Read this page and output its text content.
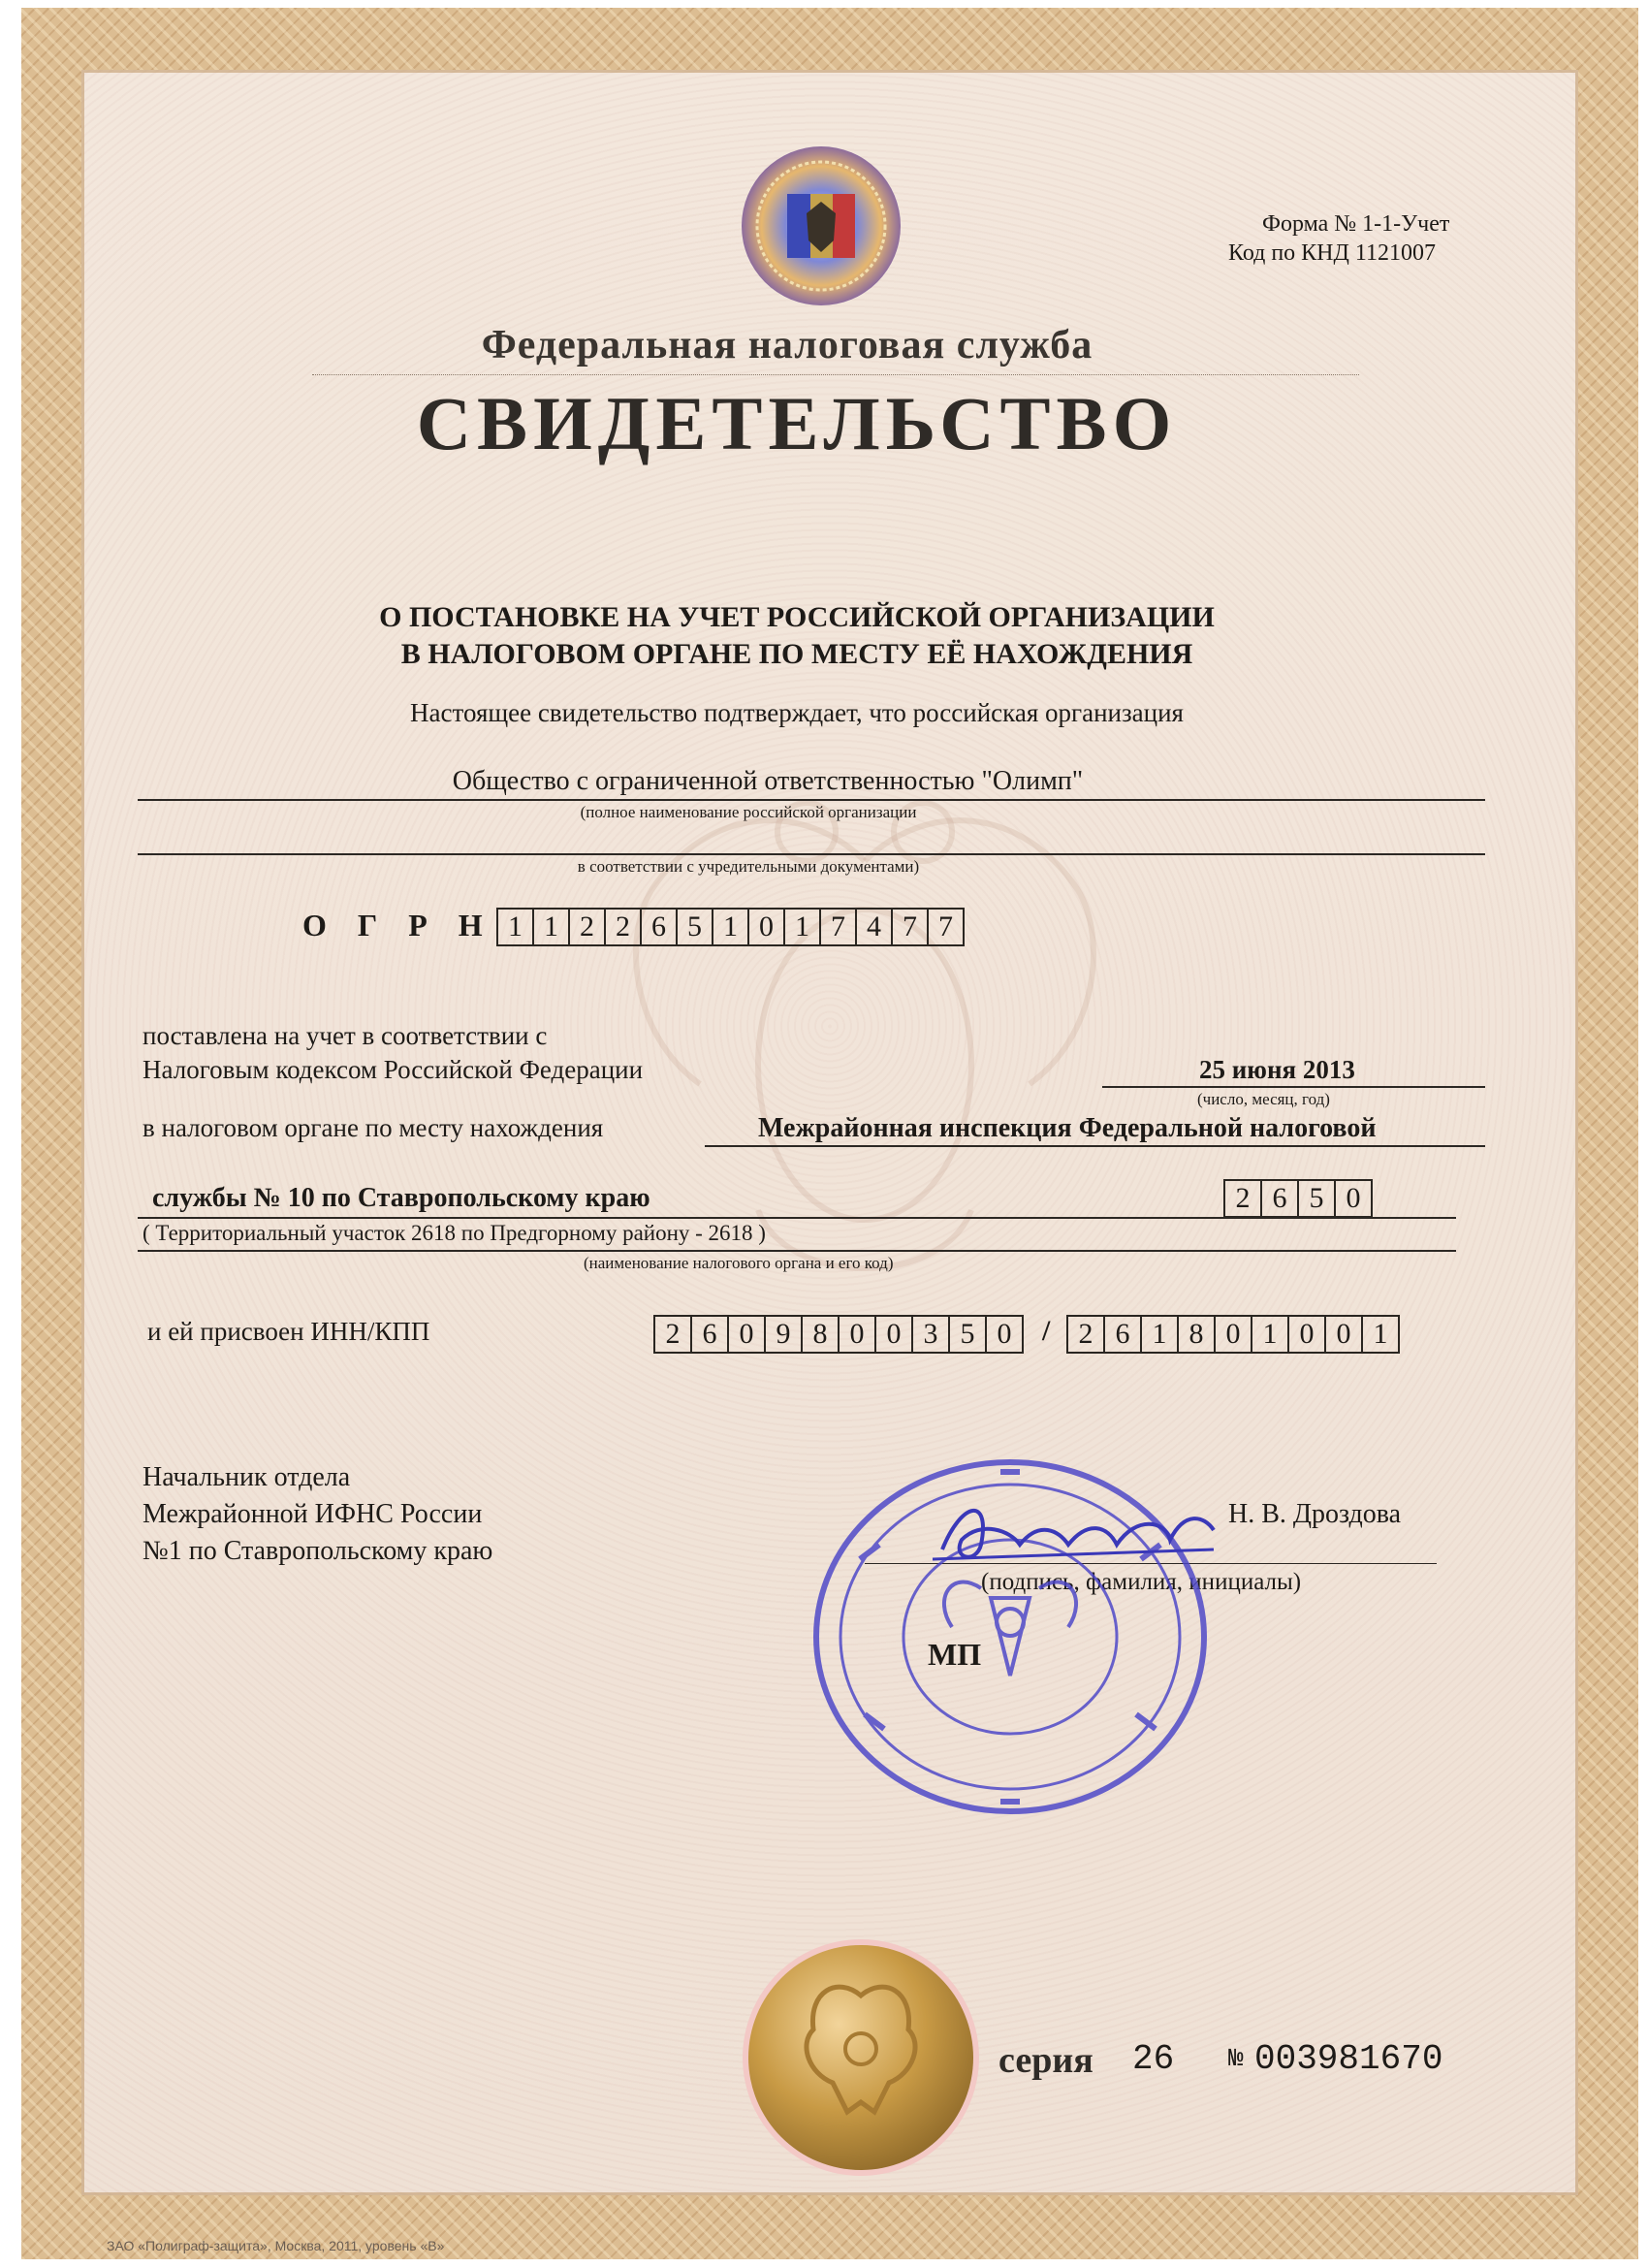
Форма № 1-1-Учет
Код по КНД 1121007
Федеральная налоговая служба
СВИДЕТЕЛЬСТВО
О ПОСТАНОВКЕ НА УЧЕТ РОССИЙСКОЙ ОРГАНИЗАЦИИ
В НАЛОГОВОМ ОРГАНЕ ПО МЕСТУ ЕЁ НАХОЖДЕНИЯ
Настоящее свидетельство подтверждает, что российская организация
Общество с ограниченной ответственностью "Олимп"
(полное наименование российской организации
в соответствии с учредительными документами)
О Г Р Н 1 1 2 2 6 5 1 0 1 7 4 7 7
поставлена на учет в соответствии с
Налоговым кодексом Российской Федерации	25 июня 2013
(число, месяц, год)
в налоговом органе по месту нахождения	Межрайонная инспекция Федеральной налоговой
службы № 10 по Ставропольскому краю	2 6 5 0
( Территориальный участок 2618 по Предгорному району - 2618 )
(наименование налогового органа и его код)
и ей присвоен ИНН/КПП	2 6 0 9 8 0 0 3 5 0	/ 2 6 1 8 0 1 0 0 1
Начальник отдела
Межрайонной ИФНС России
№1 по Ставропольскому краю
Н. В. Дроздова
(подпись, фамилия, инициалы)
МП
серия 26 № 003981670
ЗАО «Полиграф-защита», Москва, 2011, уровень «В»
